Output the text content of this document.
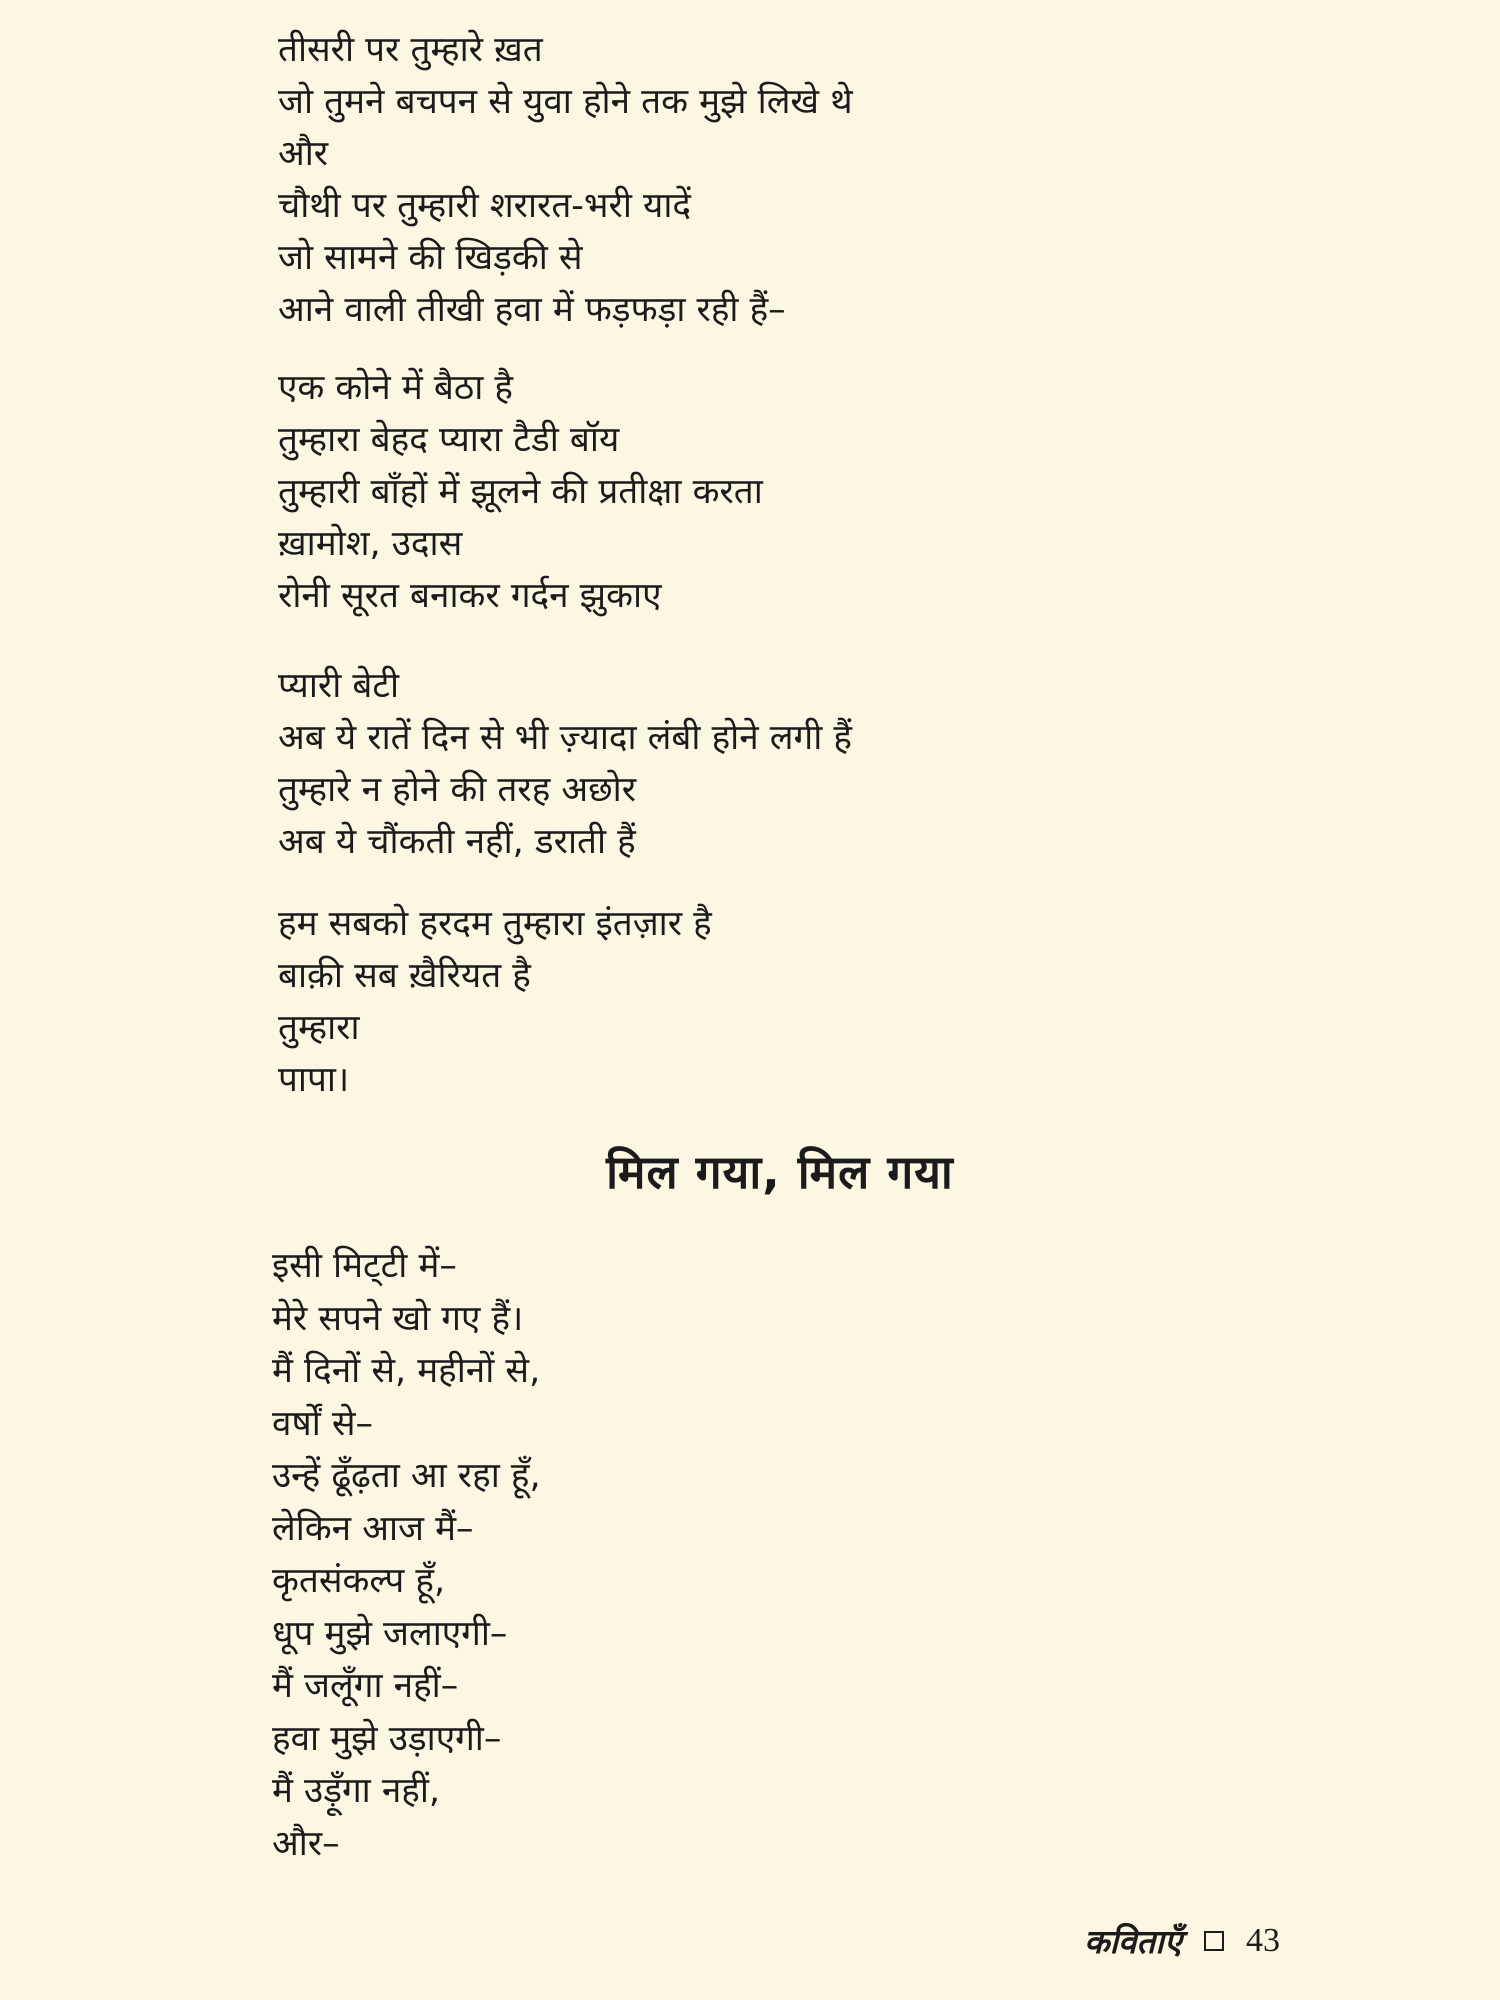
तीसरी पर तुम्हारे ख़त
जो तुमने बचपन से युवा होने तक मुझे लिखे थे
और
चौथी पर तुम्हारी शरारत-भरी यादें
जो सामने की खिड़की से
आने वाली तीखी हवा में फड़फड़ा रही हैं–
एक कोने में बैठा है
तुम्हारा बेहद प्यारा टैडी बॉय
तुम्हारी बाँहों में झूलने की प्रतीक्षा करता
ख़ामोश, उदास
रोनी सूरत बनाकर गर्दन झुकाए
प्यारी बेटी
अब ये रातें दिन से भी ज़्यादा लंबी होने लगी हैं
तुम्हारे न होने की तरह अछोर
अब ये चौंकती नहीं, डराती हैं
हम सबको हरदम तुम्हारा इंतज़ार है
बाक़ी सब ख़ैरियत है
तुम्हारा
पापा।
मिल गया, मिल गया
इसी मिट्‌टी में–
मेरे सपने खो गए हैं।
मैं दिनों से, महीनों से,
वर्षों से–
उन्हें ढूँढ़ता आ रहा हूँ,
लेकिन आज मैं–
कृतसंकल्प हूँ,
धूप मुझे जलाएगी–
मैं जलूँगा नहीं–
हवा मुझे उड़ाएगी–
मैं उड़ूँगा नहीं,
और–
कविताएँ 43
